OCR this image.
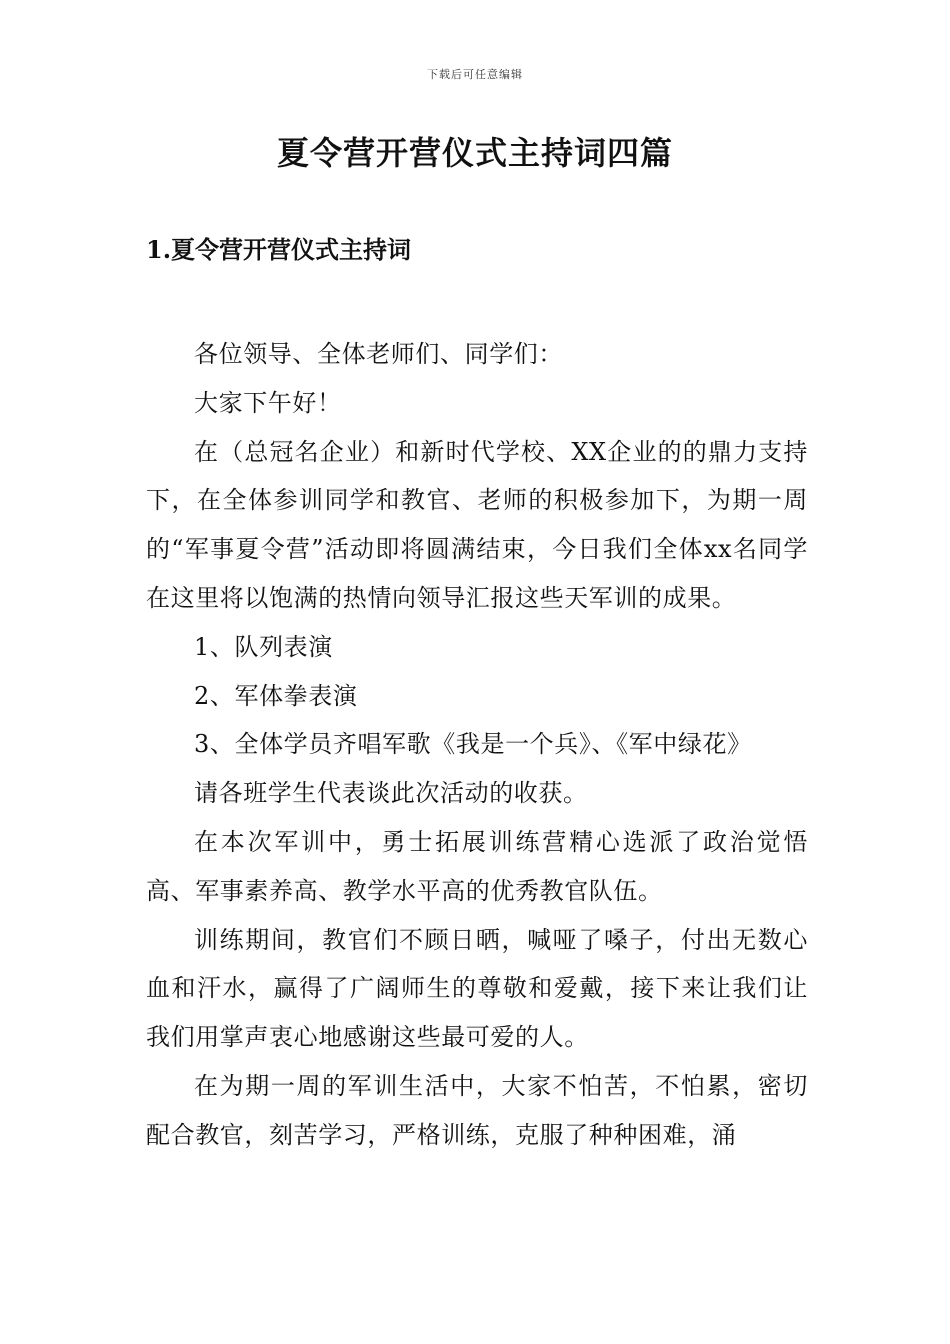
下载后可任意编辑
夏令营开营仪式主持词四篇
1.夏令营开营仪式主持词

各位领导、全体老师们、同学们：

大家下午好！

在（总冠名企业）和新时代学校、XX企业的的鼎力支持下，在全体参训同学和教官、老师的积极参加下，为期一周的“军事夏令营”活动即将圆满结束，今日我们全体xx名同学在这里将以饱满的热情向领导汇报这些天军训的成果。

1、队列表演

2、军体拳表演

3、全体学员齐唱军歌《我是一个兵》、《军中绿花》

请各班学生代表谈此次活动的收获。

在本次军训中，勇士拓展训练营精心选派了政治觉悟高、军事素养高、教学水平高的优秀教官队伍。

训练期间，教官们不顾日晒，喊哑了嗓子，付出无数心血和汗水，赢得了广阔师生的尊敬和爱戴，接下来让我们让我们用掌声衷心地感谢这些最可爱的人。

在为期一周的军训生活中，大家不怕苦，不怕累，密切配合教官，刻苦学习，严格训练，克服了种种困难，涌
